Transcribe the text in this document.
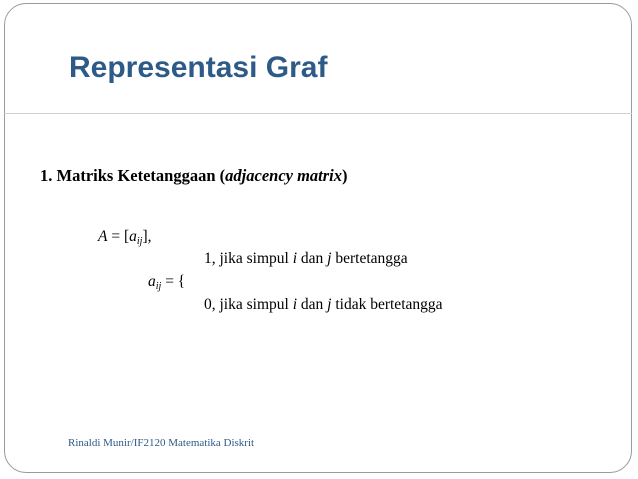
Representasi Graf
1. Matriks Ketetanggaan (adjacency matrix)
$A = [a_{ij}]$,
1, jika simpul i dan j bertetangga
$a_{ij}$ = {
0, jika simpul i dan j tidak bertetangga
Rinaldi Munir/IF2120 Matematika Diskrit
